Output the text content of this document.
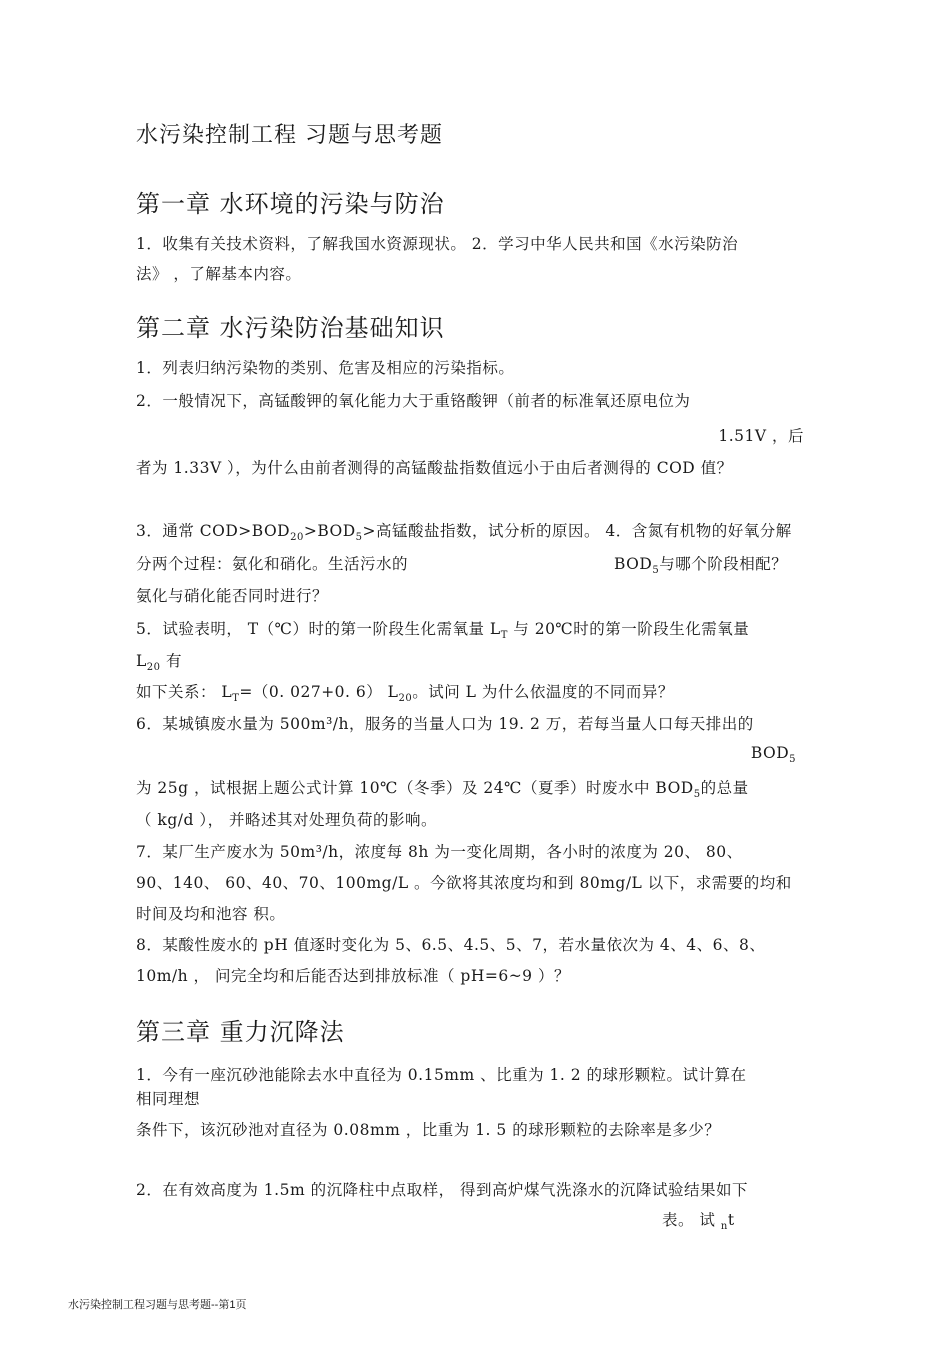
水污染控制工程 习题与思考题
第一章 水环境的污染与防治
1．收集有关技术资料，了解我国水资源现状。 2．学习中华人民共和国《水污染防治
法》 ，了解基本内容。
第二章 水污染防治基础知识
1．列表归纳污染物的类别、危害及相应的污染指标。
2．一般情况下，高锰酸钾的氧化能力大于重铬酸钾（前者的标准氧还原电位为
1.51V ，后
者为 1.33V ），为什么由前者测得的高锰酸盐指数值远小于由后者测得的 COD 值？
3．通常 $COD>BOD_{20}>BOD_5>$高锰酸盐指数，试分析的原因。 4．含氮有机物的好氧分解
分两个过程：氨化和硝化。生活污水的	$BOD_5$与哪个阶段相配？
氨化与硝化能否同时进行？
5．试验表明， T（℃）时的第一阶段生化需氧量 $L_T$ 与 20℃时的第一阶段生化需氧量
$L_{20}$ 有
如下关系： $L_T=(0$. 027+0. 6） $L_{20}$。试问 L 为什么依温度的不同而异？
6．某城镇废水量为 500m³/h，服务的当量人口为 19. 2 万，若每当量人口每天排出的
$BOD_5$
为 25g ，试根据上题公式计算 10℃（冬季）及 24℃（夏季）时废水中 $BOD_5$的总量
（ kg/d ）， 并略述其对处理负荷的影响。
7．某厂生产废水为 50m³/h，浓度每 8h 为一变化周期，各小时的浓度为 20、 80、
90、140、 60、40、70、100mg/L 。今欲将其浓度均和到 80mg/L 以下，求需要的均和
时间及均和池容 积。
8．某酸性废水的 pH 值逐时变化为 5、6.5、4.5、5、7，若水量依次为 4、4、6、8、
10m/h ， 问完全均和后能否达到排放标准（ pH=6~9 ）？
第三章 重力沉降法
1．今有一座沉砂池能除去水中直径为 0.15mm 、比重为 1. 2 的球形颗粒。试计算在
相同理想
条件下，该沉砂池对直径为 0.08mm ，比重为 1. 5 的球形颗粒的去除率是多少？
2．在有效高度为 1.5m 的沉降柱中点取样， 得到高炉煤气洗涤水的沉降试验结果如下
表。 试 $_n$t
水污染控制工程习题与思考题--第1页
